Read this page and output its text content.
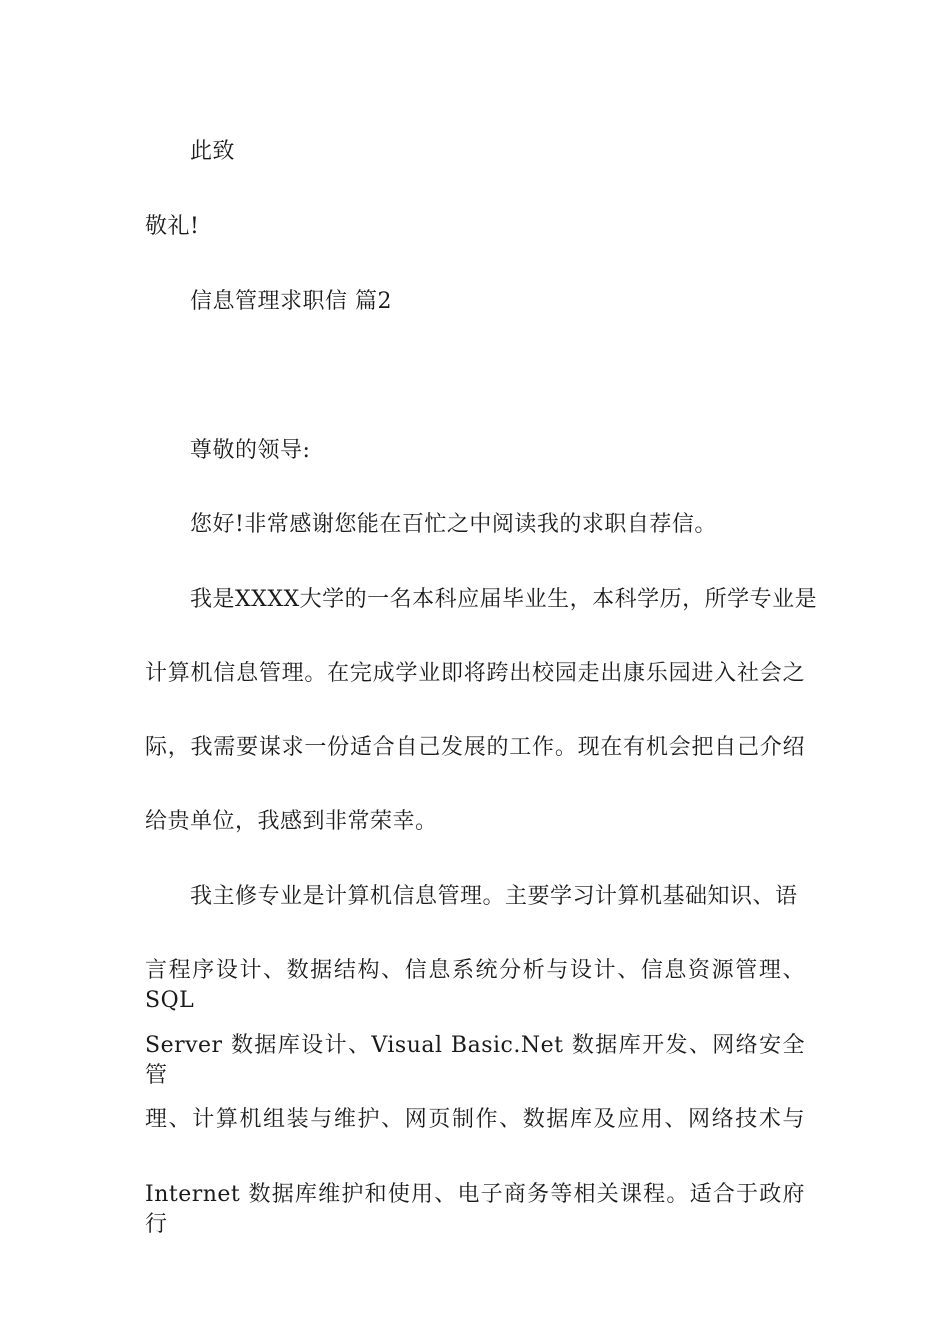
此致
敬礼!
信息管理求职信 篇2
尊敬的领导:
您好!非常感谢您能在百忙之中阅读我的求职自荐信。
我是XXXX大学的一名本科应届毕业生，本科学历，所学专业是
计算机信息管理。在完成学业即将跨出校园走出康乐园进入社会之
际，我需要谋求一份适合自己发展的工作。现在有机会把自己介绍
给贵单位，我感到非常荣幸。
我主修专业是计算机信息管理。主要学习计算机基础知识、语
言程序设计、数据结构、信息系统分析与设计、信息资源管理、SQL
Server 数据库设计、Visual Basic.Net 数据库开发、网络安全管
理、计算机组装与维护、网页制作、数据库及应用、网络技术与
Internet 数据库维护和使用、电子商务等相关课程。适合于政府行
